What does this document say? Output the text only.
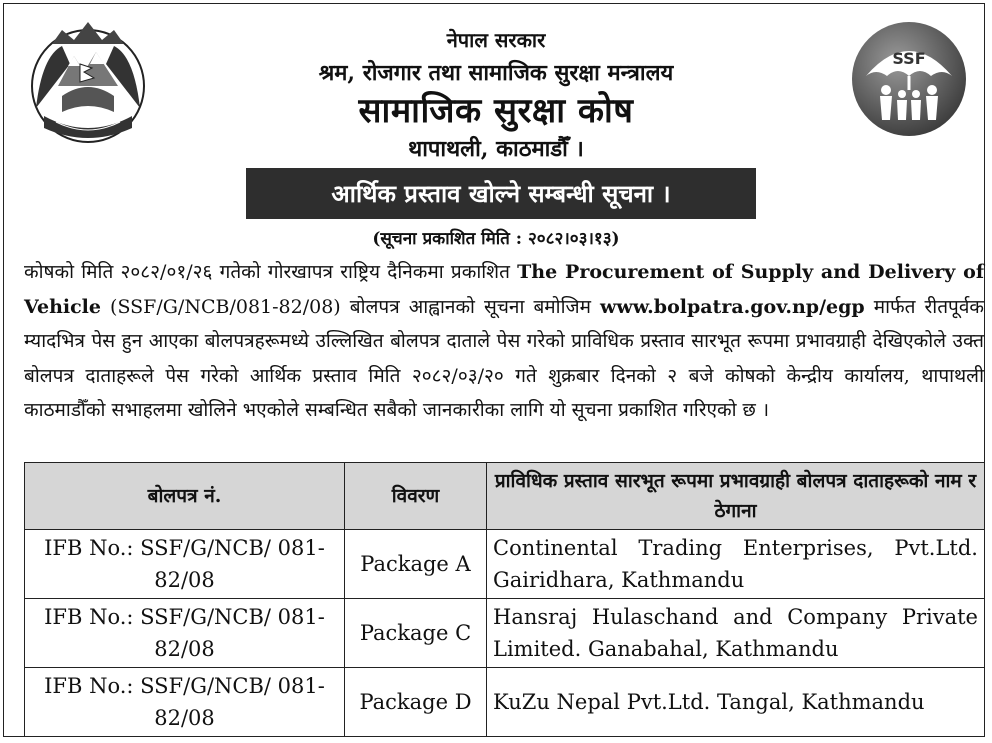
SSF
नेपाल सरकार
श्रम, रोजगार तथा सामाजिक सुरक्षा मन्त्रालय
सामाजिक सुरक्षा कोष
थापाथली, काठमाडौँ ।
आर्थिक प्रस्ताव खोल्ने सम्बन्धी सूचना ।
(सूचना प्रकाशित मिति : २०८२।०३।१३)
कोषको मिति २०८२/०१/२६ गतेको गोरखापत्र राष्ट्रिय दैनिकमा प्रकाशित The Procurement of Supply and Delivery of Vehicle (SSF/G/NCB/081-82/08) बोलपत्र आह्वानको सूचना बमोजिम www.bolpatra.gov.np/egp मार्फत रीतपूर्वक म्यादभित्र पेस हुन आएका बोलपत्रहरूमध्ये उल्लिखित बोलपत्र दाताले पेस गरेको प्राविधिक प्रस्ताव सारभूत रूपमा प्रभावग्राही देखिएकोले उक्त बोलपत्र दाताहरूले पेस गरेको आर्थिक प्रस्ताव मिति २०८२/०३/२० गते शुक्रबार दिनको २ बजे कोषको केन्द्रीय कार्यालय, थापाथली काठमाडौँको सभाहलमा खोलिने भएकोले सम्बन्धित सबैको जानकारीका लागि यो सूचना प्रकाशित गरिएको छ ।
बोलपत्र नं.	विवरण	प्राविधिक प्रस्ताव सारभूत रूपमा प्रभावग्राही बोलपत्र दाताहरूको नाम र ठेगाना
IFB No.: SSF/G/NCB/ 081-82/08	Package A	Continental Trading Enterprises, Pvt.Ltd. Gairidhara, Kathmandu
IFB No.: SSF/G/NCB/ 081-82/08	Package C	Hansraj Hulaschand and Company Private Limited. Ganabahal, Kathmandu
IFB No.: SSF/G/NCB/ 081-82/08	Package D	KuZu Nepal Pvt.Ltd. Tangal, Kathmandu
